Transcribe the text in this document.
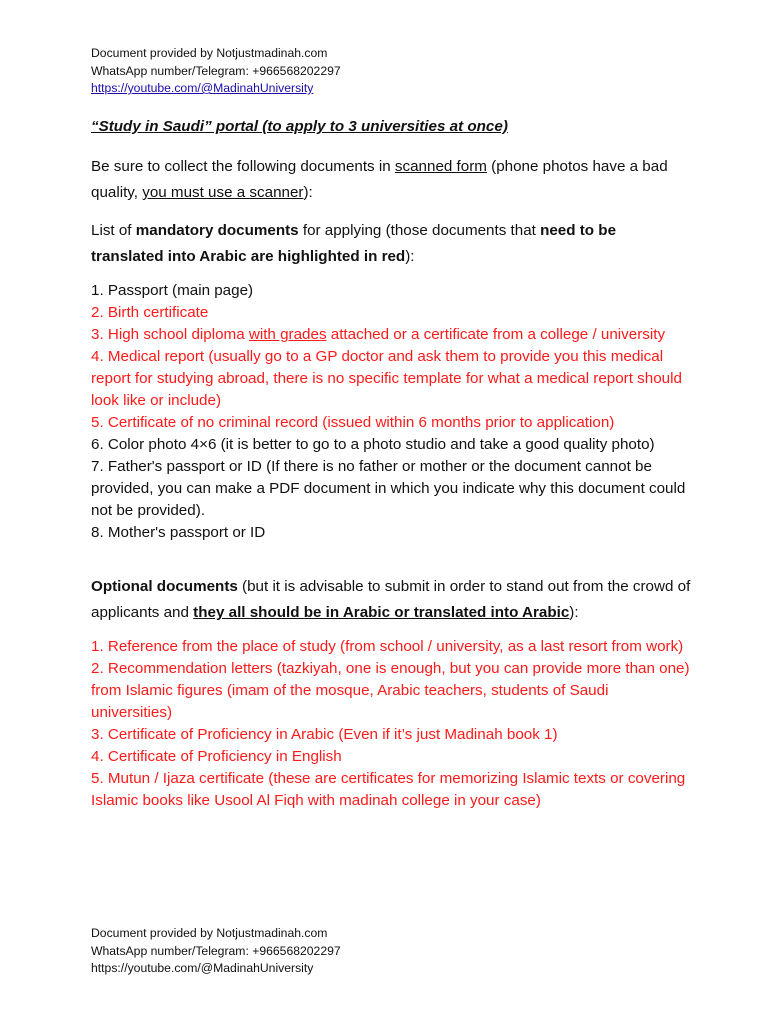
Document provided by Notjustmadinah.com
WhatsApp number/Telegram: +966568202297
https://youtube.com/@MadinahUniversity
“Study in Saudi” portal (to apply to 3 universities at once)
Be sure to collect the following documents in scanned form (phone photos have a bad quality, you must use a scanner):
List of mandatory documents for applying (those documents that need to be translated into Arabic are highlighted in red):
1. Passport (main page)
2. Birth certificate
3. High school diploma with grades attached or a certificate from a college / university
4. Medical report (usually go to a GP doctor and ask them to provide you this medical report for studying abroad, there is no specific template for what a medical report should look like or include)
5. Certificate of no criminal record (issued within 6 months prior to application)
6. Color photo 4×6 (it is better to go to a photo studio and take a good quality photo)
7. Father's passport or ID (If there is no father or mother or the document cannot be provided, you can make a PDF document in which you indicate why this document could not be provided).
8. Mother's passport or ID
Optional documents (but it is advisable to submit in order to stand out from the crowd of applicants and they all should be in Arabic or translated into Arabic):
1. Reference from the place of study (from school / university, as a last resort from work)
2. Recommendation letters (tazkiyah, one is enough, but you can provide more than one) from Islamic figures (imam of the mosque, Arabic teachers, students of Saudi universities)
3. Certificate of Proficiency in Arabic (Even if it’s just Madinah book 1)
4. Certificate of Proficiency in English
5. Mutun / Ijaza certificate (these are certificates for memorizing Islamic texts or covering Islamic books like Usool Al Fiqh with madinah college in your case)
Document provided by Notjustmadinah.com
WhatsApp number/Telegram: +966568202297
https://youtube.com/@MadinahUniversity
